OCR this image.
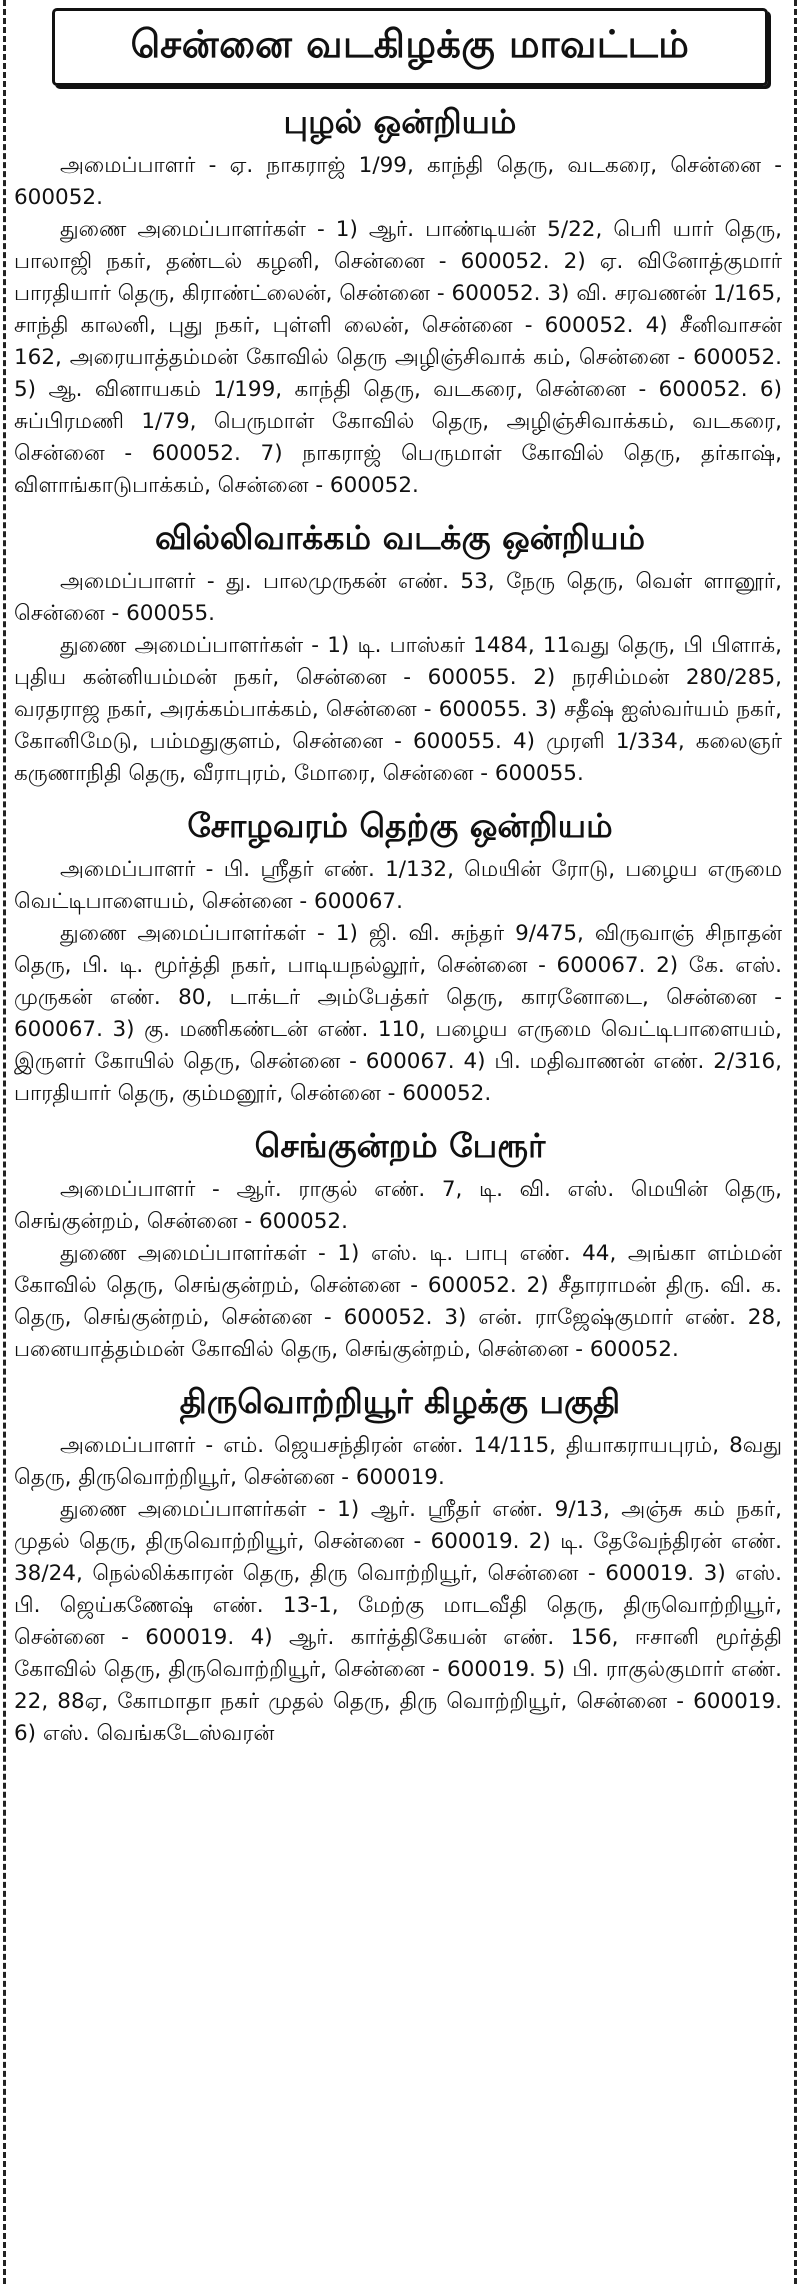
சென்னை வடகிழக்கு மாவட்டம்
புழல் ஒன்றியம்

அமைப்பாளர் - ஏ. நாகராஜ் 1/99, காந்தி தெரு, வடகரை, சென்னை - 600052.

துணை அமைப்பாளர்கள் - 1) ஆர். பாண்டியன் 5/22, பெரி யார் தெரு, பாலாஜி நகர், தண்டல் கழனி, சென்னை - 600052. 2) ஏ. வினோத்குமார் பாரதியார் தெரு, கிராண்ட்லைன், சென்னை - 600052. 3) வி. சரவணன் 1/165, சாந்தி காலனி, புது நகர், புள்ளி லைன், சென்னை - 600052. 4) சீனிவாசன் 162, அரையாத்தம்மன் கோவில் தெரு அழிஞ்சிவாக் கம், சென்னை - 600052. 5) ஆ. வினாயகம் 1/199, காந்தி தெரு, வடகரை, சென்னை - 600052. 6) சுப்பிரமணி 1/79, பெருமாள் கோவில் தெரு, அழிஞ்சிவாக்கம், வடகரை, சென்னை - 600052. 7) நாகராஜ் பெருமாள் கோவில் தெரு, தர்காஷ், விளாங்காடுபாக்கம், சென்னை - 600052.

வில்லிவாக்கம் வடக்கு ஒன்றியம்

அமைப்பாளர் - து. பாலமுருகன் எண். 53, நேரு தெரு, வெள் ளானூர், சென்னை - 600055.

துணை அமைப்பாளர்கள் - 1) டி. பாஸ்கர் 1484, 11வது தெரு, பி பிளாக், புதிய கன்னியம்மன் நகர், சென்னை - 600055. 2) நரசிம்மன் 280/285, வரதராஜ நகர், அரக்கம்பாக்கம், சென்னை - 600055. 3) சதீஷ் ஐஸ்வர்யம் நகர், கோனிமேடு, பம்மதுகுளம், சென்னை - 600055. 4) முரளி 1/334, கலைஞர் கருணாநிதி தெரு, வீராபுரம், மோரை, சென்னை - 600055.

சோழவரம் தெற்கு ஒன்றியம்

அமைப்பாளர் - பி. ஸ்ரீதர் எண். 1/132, மெயின் ரோடு, பழைய எருமை வெட்டிபாளையம், சென்னை - 600067.

துணை அமைப்பாளர்கள் - 1) ஜி. வி. சுந்தர் 9/475, விருவாஞ் சிநாதன் தெரு, பி. டி. மூர்த்தி நகர், பாடியநல்லூர், சென்னை - 600067. 2) கே. எஸ். முருகன் எண். 80, டாக்டர் அம்பேத்கர் தெரு, காரனோடை, சென்னை - 600067. 3) கு. மணிகண்டன் எண். 110, பழைய எருமை வெட்டிபாளையம், இருளர் கோயில் தெரு, சென்னை - 600067. 4) பி. மதிவாணன் எண். 2/316, பாரதியார் தெரு, கும்மனூர், சென்னை - 600052.

செங்குன்றம் பேரூர்

அமைப்பாளர் - ஆர். ராகுல் எண். 7, டி. வி. எஸ். மெயின் தெரு, செங்குன்றம், சென்னை - 600052.

துணை அமைப்பாளர்கள் - 1) எஸ். டி. பாபு எண். 44, அங்கா ளம்மன் கோவில் தெரு, செங்குன்றம், சென்னை - 600052. 2) சீதாராமன் திரு. வி. க. தெரு, செங்குன்றம், சென்னை - 600052. 3) என். ராஜேஷ்குமார் எண். 28, பனையாத்தம்மன் கோவில் தெரு, செங்குன்றம், சென்னை - 600052.

திருவொற்றியூர் கிழக்கு பகுதி

அமைப்பாளர் - எம். ஜெயசந்திரன் எண். 14/115, தியாகராயபுரம், 8வது தெரு, திருவொற்றியூர், சென்னை - 600019.

துணை அமைப்பாளர்கள் - 1) ஆர். ஸ்ரீதர் எண். 9/13, அஞ்சு கம் நகர், முதல் தெரு, திருவொற்றியூர், சென்னை - 600019. 2) டி. தேவேந்திரன் எண். 38/24, நெல்லிக்காரன் தெரு, திரு வொற்றியூர், சென்னை - 600019. 3) எஸ். பி. ஜெய்கணேஷ் எண். 13-1, மேற்கு மாடவீதி தெரு, திருவொற்றியூர், சென்னை - 600019. 4) ஆர். கார்த்திகேயன் எண். 156, ஈசானி மூர்த்தி கோவில் தெரு, திருவொற்றியூர், சென்னை - 600019. 5) பி. ராகுல்குமார் எண். 22, 88ஏ, கோமாதா நகர் முதல் தெரு, திரு வொற்றியூர், சென்னை - 600019. 6) எஸ். வெங்கடேஸ்வரன்
